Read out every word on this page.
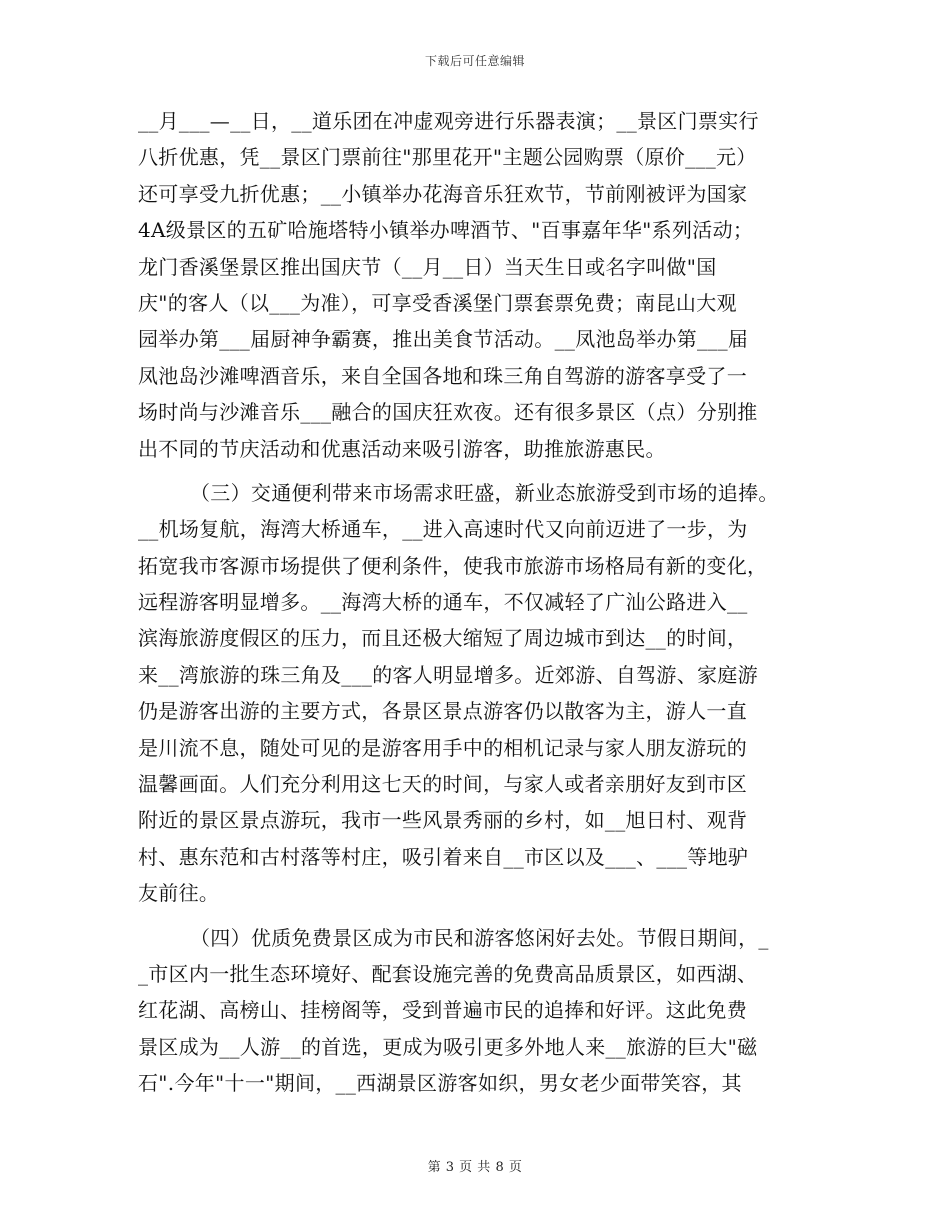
下载后可任意编辑
__月___—__日，__道乐团在冲虚观旁进行乐器表演；__景区门票实行
八折优惠，凭__景区门票前往"那里花开"主题公园购票（原价___元）
还可享受九折优惠；__小镇举办花海音乐狂欢节，节前刚被评为国家
4A级景区的五矿哈施塔特小镇举办啤酒节、"百事嘉年华"系列活动；
龙门香溪堡景区推出国庆节（__月__日）当天生日或名字叫做"国
庆"的客人（以___为准），可享受香溪堡门票套票免费；南昆山大观
园举办第___届厨神争霸赛，推出美食节活动。__凤池岛举办第___届
凤池岛沙滩啤酒音乐，来自全国各地和珠三角自驾游的游客享受了一
场时尚与沙滩音乐___融合的国庆狂欢夜。还有很多景区（点）分别推
出不同的节庆活动和优惠活动来吸引游客，助推旅游惠民。
（三）交通便利带来市场需求旺盛，新业态旅游受到市场的追捧。
__机场复航，海湾大桥通车，__进入高速时代又向前迈进了一步，为
拓宽我市客源市场提供了便利条件，使我市旅游市场格局有新的变化，
远程游客明显增多。__海湾大桥的通车，不仅减轻了广汕公路进入__
滨海旅游度假区的压力，而且还极大缩短了周边城市到达__的时间，
来__湾旅游的珠三角及___的客人明显增多。近郊游、自驾游、家庭游
仍是游客出游的主要方式，各景区景点游客仍以散客为主，游人一直
是川流不息，随处可见的是游客用手中的相机记录与家人朋友游玩的
温馨画面。人们充分利用这七天的时间，与家人或者亲朋好友到市区
附近的景区景点游玩，我市一些风景秀丽的乡村，如__旭日村、观背
村、惠东范和古村落等村庄，吸引着来自__市区以及___、___等地驴
友前往。
（四）优质免费景区成为市民和游客悠闲好去处。节假日期间，_
_市区内一批生态环境好、配套设施完善的免费高品质景区，如西湖、
红花湖、高榜山、挂榜阁等，受到普遍市民的追捧和好评。这此免费
景区成为__人游__的首选，更成为吸引更多外地人来__旅游的巨大"磁
石".今年"十一"期间，__西湖景区游客如织，男女老少面带笑容，其
第 3 页 共 8 页
